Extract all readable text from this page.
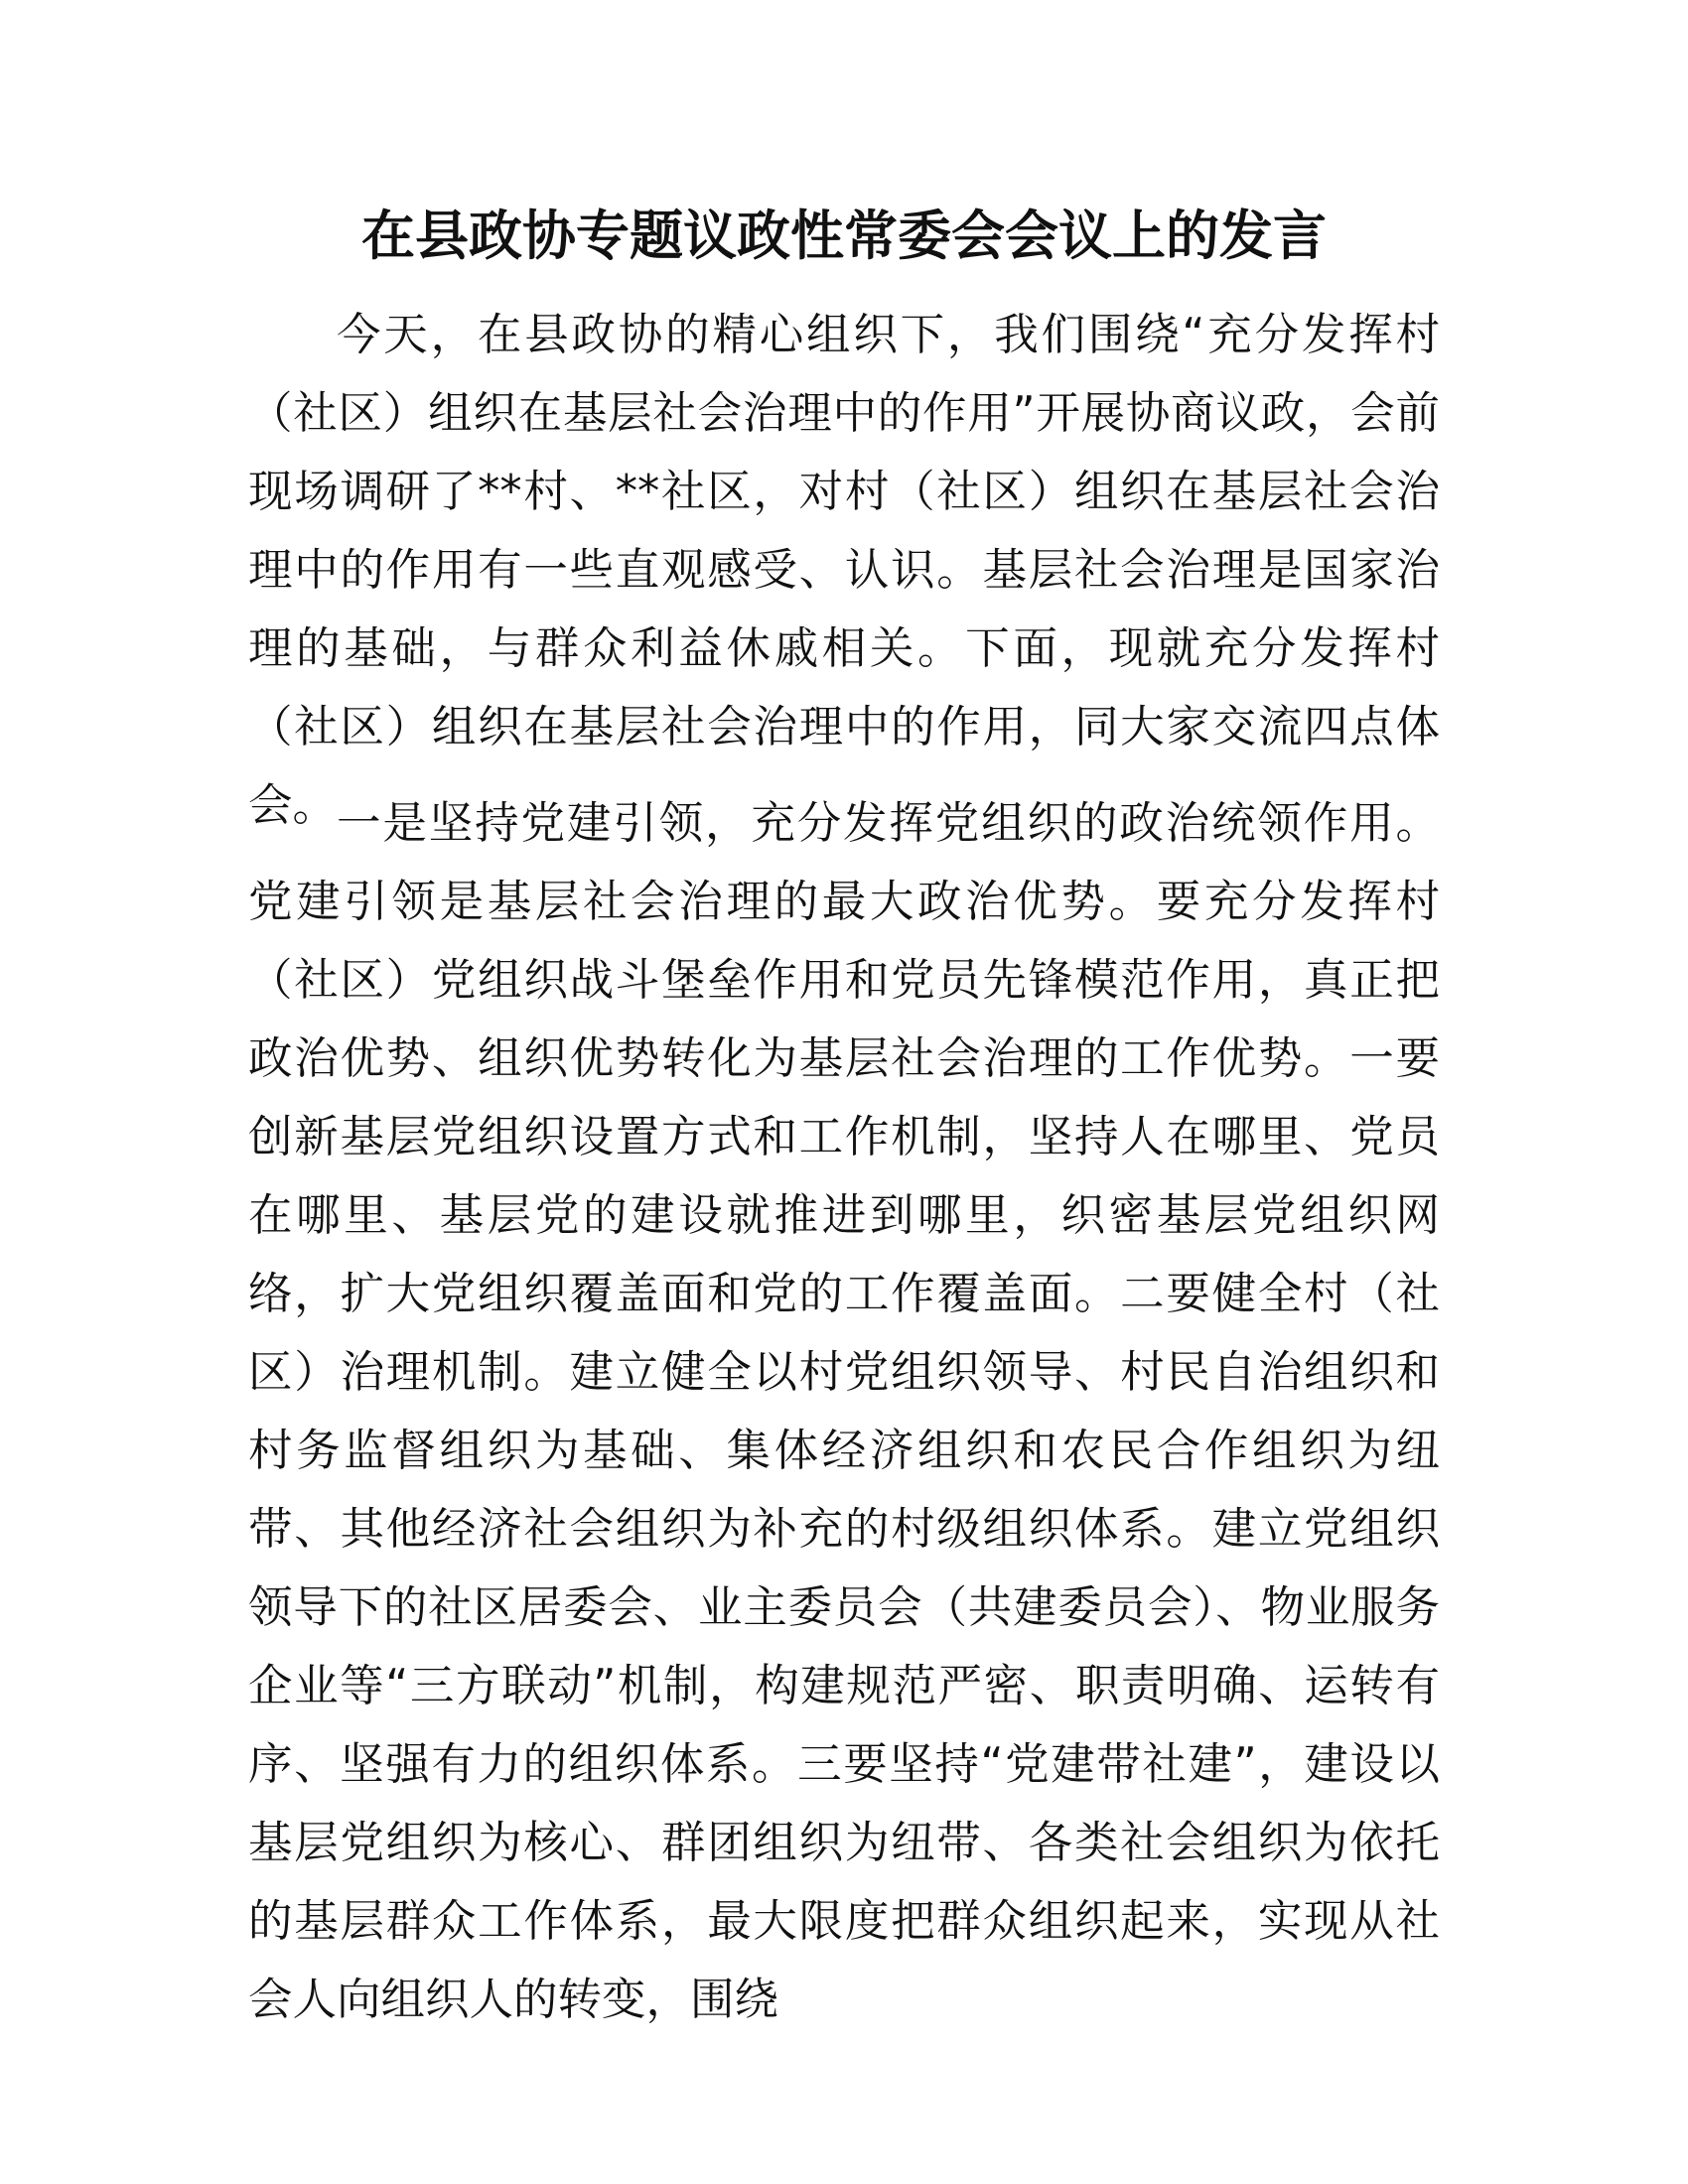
在县政协专题议政性常委会会议上的发言

今天，在县政协的精心组织下，我们围绕“充分发挥村（社区）组织在基层社会治理中的作用”开展协商议政，会前现场调研了**村、**社区，对村（社区）组织在基层社会治理中的作用有一些直观感受、认识。基层社会治理是国家治理的基础，与群众利益休戚相关。下面，现就充分发挥村（社区）组织在基层社会治理中的作用，同大家交流四点体会。 一是坚持党建引领，充分发挥党组织的政治统领作用。党建引领是基层社会治理的最大政治优势。要充分发挥村（社区）党组织战斗堡垒作用和党员先锋模范作用，真正把政治优势、组织优势转化为基层社会治理的工作优势。一要创新基层党组织设置方式和工作机制，坚持人在哪里、党员在哪里、基层党的建设就推进到哪里，织密基层党组织网络，扩大党组织覆盖面和党的工作覆盖面。二要健全村（社区）治理机制。建立健全以村党组织领导、村民自治组织和村务监督组织为基础、集体经济组织和农民合作组织为纽带、其他经济社会组织为补充的村级组织体系。建立党组织领导下的社区居委会、业主委员会（共建委员会）、物业服务企业等“三方联动”机制，构建规范严密、职责明确、运转有序、坚强有力的组织体系。三要坚持“党建带社建”，建设以基层党组织为核心、群团组织为纽带、各类社会组织为依托的基层群众工作体系，最大限度把群众组织起来，实现从社会人向组织人的转变，围绕
